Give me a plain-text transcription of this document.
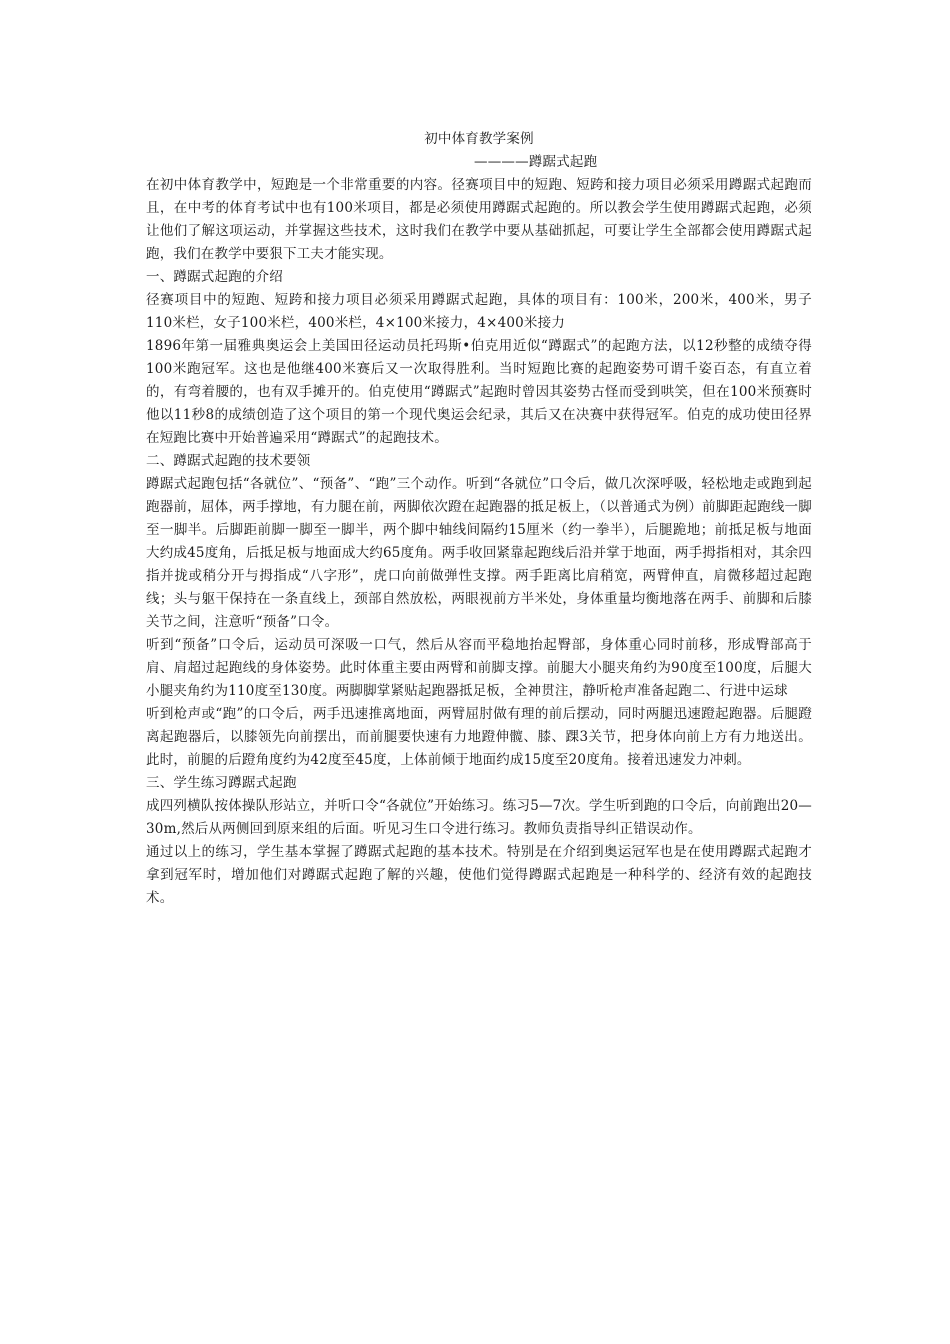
初中体育教学案例
————蹲踞式起跑

在初中体育教学中，短跑是一个非常重要的内容。径赛项目中的短跑、短跨和接力项目必须采用蹲踞式起跑而且，在中考的体育考试中也有100米项目，都是必须使用蹲踞式起跑的。所以教会学生使用蹲踞式起跑，必须让他们了解这项运动，并掌握这些技术，这时我们在教学中要从基础抓起，可要让学生全部都会使用蹲踞式起跑，我们在教学中要狠下工夫才能实现。

一、蹲踞式起跑的介绍

径赛项目中的短跑、短跨和接力项目必须采用蹲踞式起跑，具体的项目有：100米，200米，400米，男子110米栏，女子100米栏，400米栏，4×100米接力，4×400米接力

1896年第一届雅典奥运会上美国田径运动员托玛斯•伯克用近似“蹲踞式”的起跑方法，以12秒整的成绩夺得100米跑冠军。这也是他继400米赛后又一次取得胜利。当时短跑比赛的起跑姿势可谓千姿百态，有直立着的，有弯着腰的，也有双手摊开的。伯克使用“蹲踞式”起跑时曾因其姿势古怪而受到哄笑，但在100米预赛时他以11秒8的成绩创造了这个项目的第一个现代奥运会纪录，其后又在决赛中获得冠军。伯克的成功使田径界在短跑比赛中开始普遍采用“蹲踞式”的起跑技术。

二、蹲踞式起跑的技术要领

蹲踞式起跑包括“各就位”、“预备”、“跑”三个动作。听到“各就位”口令后，做几次深呼吸，轻松地走或跑到起跑器前，屈体，两手撑地，有力腿在前，两脚依次蹬在起跑器的抵足板上，（以普通式为例）前脚距起跑线一脚至一脚半。后脚距前脚一脚至一脚半，两个脚中轴线间隔约15厘米（约一拳半），后腿跪地；前抵足板与地面大约成45度角，后抵足板与地面成大约65度角。两手收回紧靠起跑线后沿并掌于地面，两手拇指相对，其余四指并拢或稍分开与拇指成“八字形”，虎口向前做弹性支撑。两手距离比肩稍宽，两臂伸直，肩微移超过起跑线；头与躯干保持在一条直线上，颈部自然放松，两眼视前方半米处，身体重量均衡地落在两手、前脚和后膝关节之间，注意听“预备”口令。

听到“预备”口令后，运动员可深吸一口气，然后从容而平稳地抬起臀部，身体重心同时前移，形成臀部高于肩、肩超过起跑线的身体姿势。此时体重主要由两臂和前脚支撑。前腿大小腿夹角约为90度至100度，后腿大小腿夹角约为110度至130度。两脚脚掌紧贴起跑器抵足板，全神贯注，静听枪声准备起跑二、行进中运球

听到枪声或“跑”的口令后，两手迅速推离地面，两臂屈肘做有理的前后摆动，同时两腿迅速蹬起跑器。后腿蹬离起跑器后，以膝领先向前摆出，而前腿要快速有力地蹬伸髋、膝、踝3关节，把身体向前上方有力地送出。此时，前腿的后蹬角度约为42度至45度，上体前倾于地面约成15度至20度角。接着迅速发力冲刺。

三、学生练习蹲踞式起跑

成四列横队按体操队形站立，并听口令“各就位”开始练习。练习5—7次。学生听到跑的口令后，向前跑出20—30m,然后从两侧回到原来组的后面。听见习生口令进行练习。教师负责指导纠正错误动作。

通过以上的练习，学生基本掌握了蹲踞式起跑的基本技术。特别是在介绍到奥运冠军也是在使用蹲踞式起跑才拿到冠军时，增加他们对蹲踞式起跑了解的兴趣，使他们觉得蹲踞式起跑是一种科学的、经济有效的起跑技术。
